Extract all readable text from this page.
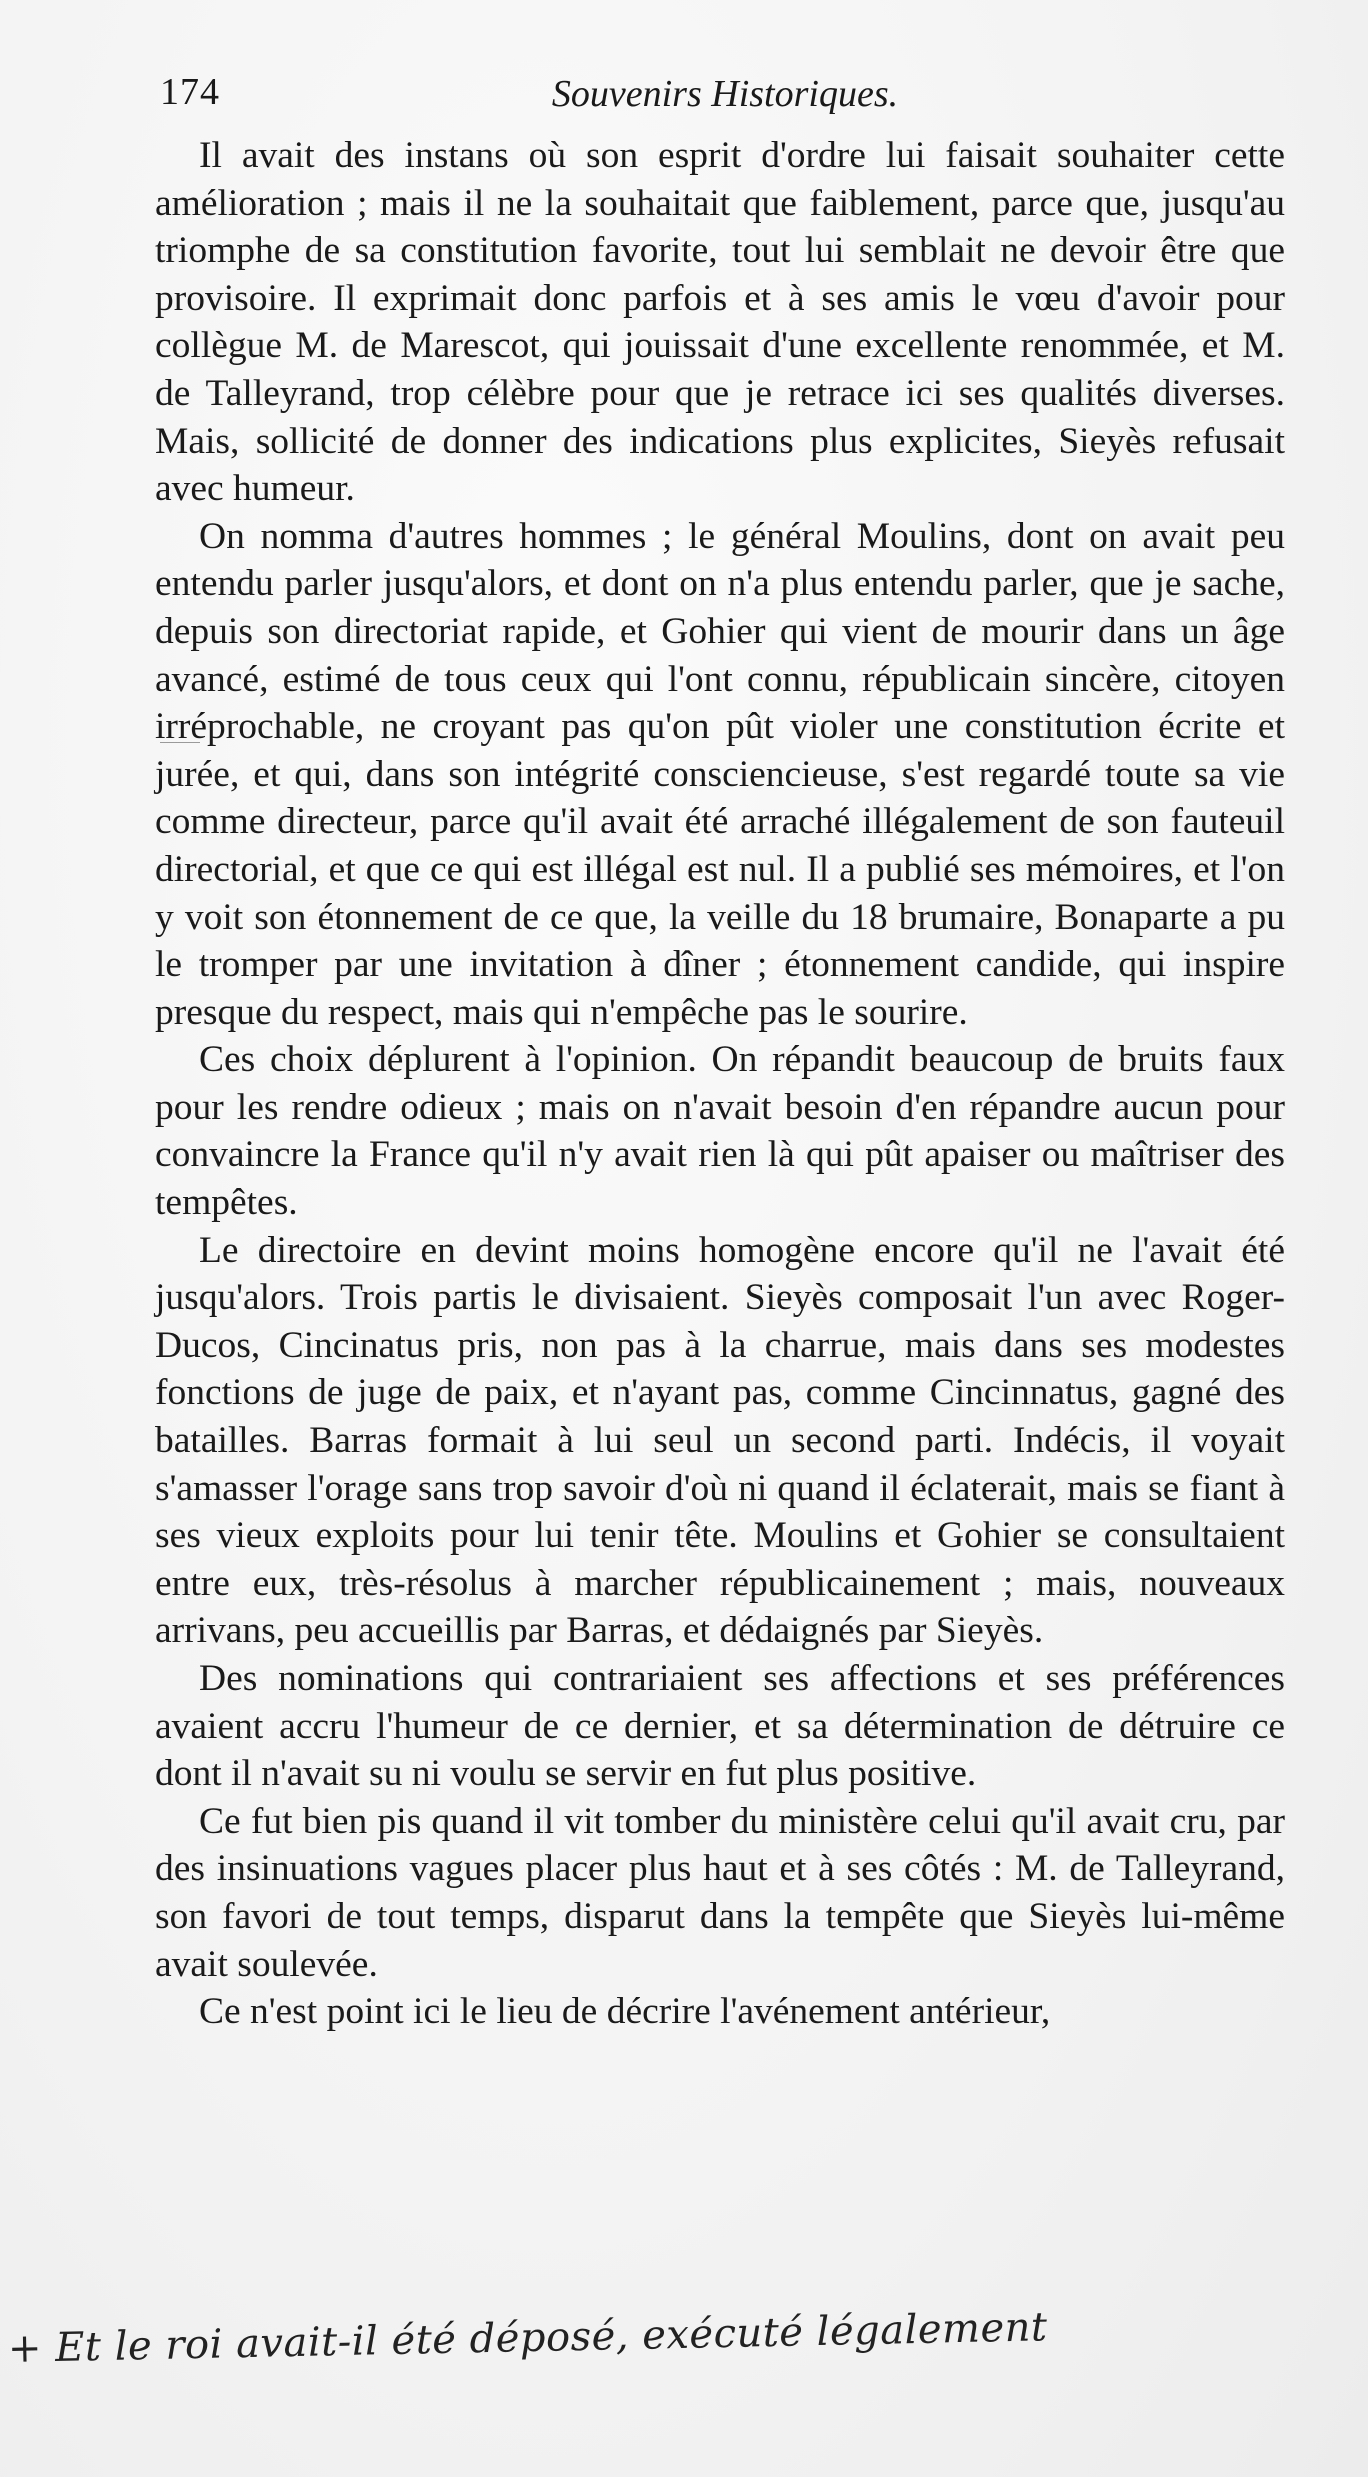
174	Souvenirs Historiques.

Il avait des instans où son esprit d'ordre lui faisait souhaiter cette amélioration ; mais il ne la souhaitait que faiblement, parce que, jusqu'au triomphe de sa constitution favorite, tout lui semblait ne devoir être que provisoire. Il exprimait donc parfois et à ses amis le vœu d'avoir pour collègue M. de Marescot, qui jouissait d'une excellente renommée, et M. de Talleyrand, trop célèbre pour que je retrace ici ses qualités diverses. Mais, sollicité de donner des indications plus explicites, Sieyès refusait avec humeur.

On nomma d'autres hommes ; le général Moulins, dont on avait peu entendu parler jusqu'alors, et dont on n'a plus entendu parler, que je sache, depuis son directoriat rapide, et Gohier qui vient de mourir dans un âge avancé, estimé de tous ceux qui l'ont connu, républicain sincère, citoyen irréprochable, ne croyant pas qu'on pût violer une constitution écrite et jurée, et qui, dans son intégrité consciencieuse, s'est regardé toute sa vie comme directeur, parce qu'il avait été arraché illégalement de son fauteuil directorial, et que ce qui est illégal est nul. Il a publié ses mémoires, et l'on y voit son étonnement de ce que, la veille du 18 brumaire, Bonaparte a pu le tromper par une invitation à dîner ; étonnement candide, qui inspire presque du respect, mais qui n'empêche pas le sourire.

Ces choix déplurent à l'opinion. On répandit beaucoup de bruits faux pour les rendre odieux ; mais on n'avait besoin d'en répandre aucun pour convaincre la France qu'il n'y avait rien là qui pût apaiser ou maîtriser des tempêtes.

Le directoire en devint moins homogène encore qu'il ne l'avait été jusqu'alors. Trois partis le divisaient. Sieyès composait l'un avec Roger-Ducos, Cincinatus pris, non pas à la charrue, mais dans ses modestes fonctions de juge de paix, et n'ayant pas, comme Cincinnatus, gagné des batailles. Barras formait à lui seul un second parti. Indécis, il voyait s'amasser l'orage sans trop savoir d'où ni quand il éclaterait, mais se fiant à ses vieux exploits pour lui tenir tête. Moulins et Gohier se consultaient entre eux, très-résolus à marcher républicainement ; mais, nouveaux arrivans, peu accueillis par Barras, et dédaignés par Sieyès.

Des nominations qui contrariaient ses affections et ses préférences avaient accru l'humeur de ce dernier, et sa détermination de détruire ce dont il n'avait su ni voulu se servir en fut plus positive.

Ce fut bien pis quand il vit tomber du ministère celui qu'il avait cru, par des insinuations vagues placer plus haut et à ses côtés : M. de Talleyrand, son favori de tout temps, disparut dans la tempête que Sieyès lui-même avait soulevée.

Ce n'est point ici le lieu de décrire l'avénement antérieur,

+ Et le roi avait-il été déposé, exécuté légalement
